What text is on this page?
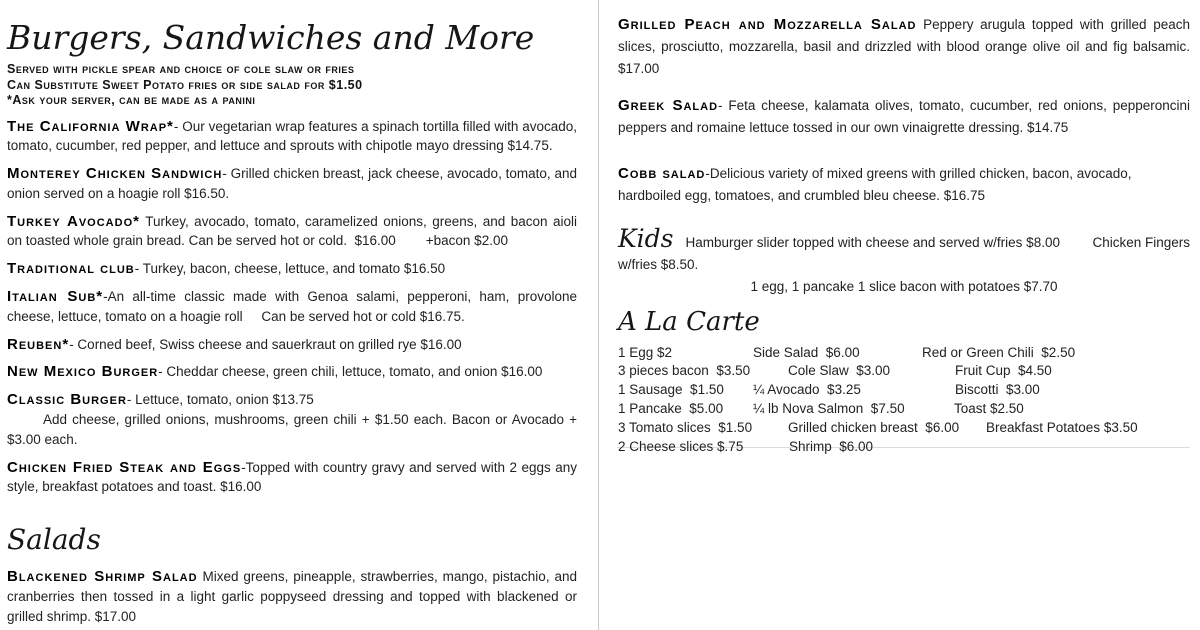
Burgers, Sandwiches and More
Served with pickle spear and choice of cole slaw or fries
Can Substitute Sweet Potato fries or side salad for $1.50
*Ask your server, can be made as a panini

The California Wrap*- Our vegetarian wrap features a spinach tortilla filled with avocado, tomato, cucumber, red pepper, and lettuce and sprouts with chipotle mayo dressing $14.75.

Monterey Chicken Sandwich- Grilled chicken breast, jack cheese, avocado, tomato, and onion served on a hoagie roll $16.50.

Turkey Avocado* Turkey, avocado, tomato, caramelized onions, greens, and bacon aioli on toasted whole grain bread. Can be served hot or cold.  $16.00        +bacon $2.00

Traditional club- Turkey, bacon, cheese, lettuce, and tomato $16.50

Italian Sub*-An all-time classic made with Genoa salami, pepperoni, ham, provolone cheese, lettuce, tomato on a hoagie roll     Can be served hot or cold $16.75.

Reuben*- Corned beef, Swiss cheese and sauerkraut on grilled rye $16.00

New Mexico Burger- Cheddar cheese, green chili, lettuce, tomato, and onion $16.00

Classic Burger- Lettuce, tomato, onion $13.75

Add cheese, grilled onions, mushrooms, green chili + $1.50 each. Bacon or Avocado + $3.00 each.

Chicken Fried Steak and Eggs-Topped with country gravy and served with 2 eggs any style, breakfast potatoes and toast. $16.00

Salads

Blackened Shrimp Salad Mixed greens, pineapple, strawberries, mango, pistachio, and cranberries then tossed in a light garlic poppyseed dressing and topped with blackened or grilled shrimp. $17.00

Grilled Peach and Mozzarella Salad Peppery arugula topped with grilled peach slices, prosciutto, mozzarella, basil and drizzled with blood orange olive oil and fig balsamic. $17.00

Greek Salad- Feta cheese, kalamata olives, tomato, cucumber, red onions, pepperoncini peppers and romaine lettuce tossed in our own vinaigrette dressing. $14.75

Cobb salad-Delicious variety of mixed greens with grilled chicken, bacon, avocado, hardboiled egg, tomatoes, and crumbled bleu cheese. $16.75

Kids Hamburger slider topped with cheese and served w/fries $8.00 Chicken Fingers

w/fries $8.50.

1 egg, 1 pancake 1 slice bacon with potatoes $7.70

A La Carte
1 Egg $2	Side Salad  $6.00	Red or Green Chili  $2.50
3 pieces bacon  $3.50	Cole Slaw  $3.00	Fruit Cup  $4.50
1 Sausage  $1.50 ¼ Avocado  $3.25	Biscotti  $3.00
1 Pancake  $5.00 ¼ lb Nova Salmon  $7.50	Toast $2.50
3 Tomato slices  $1.50	Grilled chicken breast  $6.00 Breakfast Potatoes $3.50
2 Cheese slices $.75	Shrimp  $6.00
